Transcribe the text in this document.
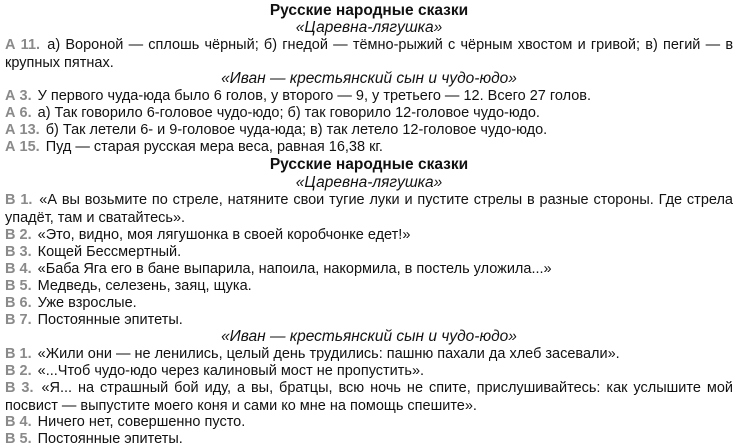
Русские народные сказки
«Царевна-лягушка»
А 11. а) Вороной — сплошь чёрный; б) гнедой — тёмно-рыжий с чёрным хвостом и гривой; в) пегий — в крупных пятнах.
«Иван — крестьянский сын и чудо-юдо»
А 3. У первого чуда-юда было 6 голов, у второго — 9, у третьего — 12. Всего 27 голов.
А 6. а) Так говорило 6-головое чудо-юдо; б) так говорило 12-головое чудо-юдо.
А 13. б) Так летели 6- и 9-головое чуда-юда; в) так летело 12-головое чудо-юдо.
А 15. Пуд — старая русская мера веса, равная 16,38 кг.
Русские народные сказки
«Царевна-лягушка»
В 1. «А вы возьмите по стреле, натяните свои тугие луки и пустите стрелы в разные стороны. Где стрела упадёт, там и сватайтесь».
В 2. «Это, видно, моя лягушонка в своей коробчонке едет!»
В 3. Кощей Бессмертный.
В 4. «Баба Яга его в бане выпарила, напоила, накормила, в постель уложила...»
В 5. Медведь, селезень, заяц, щука.
В 6. Уже взрослые.
В 7. Постоянные эпитеты.
«Иван — крестьянский сын и чудо-юдо»
В 1. «Жили они — не ленились, целый день трудились: пашню пахали да хлеб засевали».
В 2. «...Чтоб чудо-юдо через калиновый мост не пропустить».
В 3. «Я... на страшный бой иду, а вы, братцы, всю ночь не спите, прислушивайтесь: как услышите мой посвист — выпустите моего коня и сами ко мне на помощь спешите».
В 4. Ничего нет, совершенно пусто.
В 5. Постоянные эпитеты.
